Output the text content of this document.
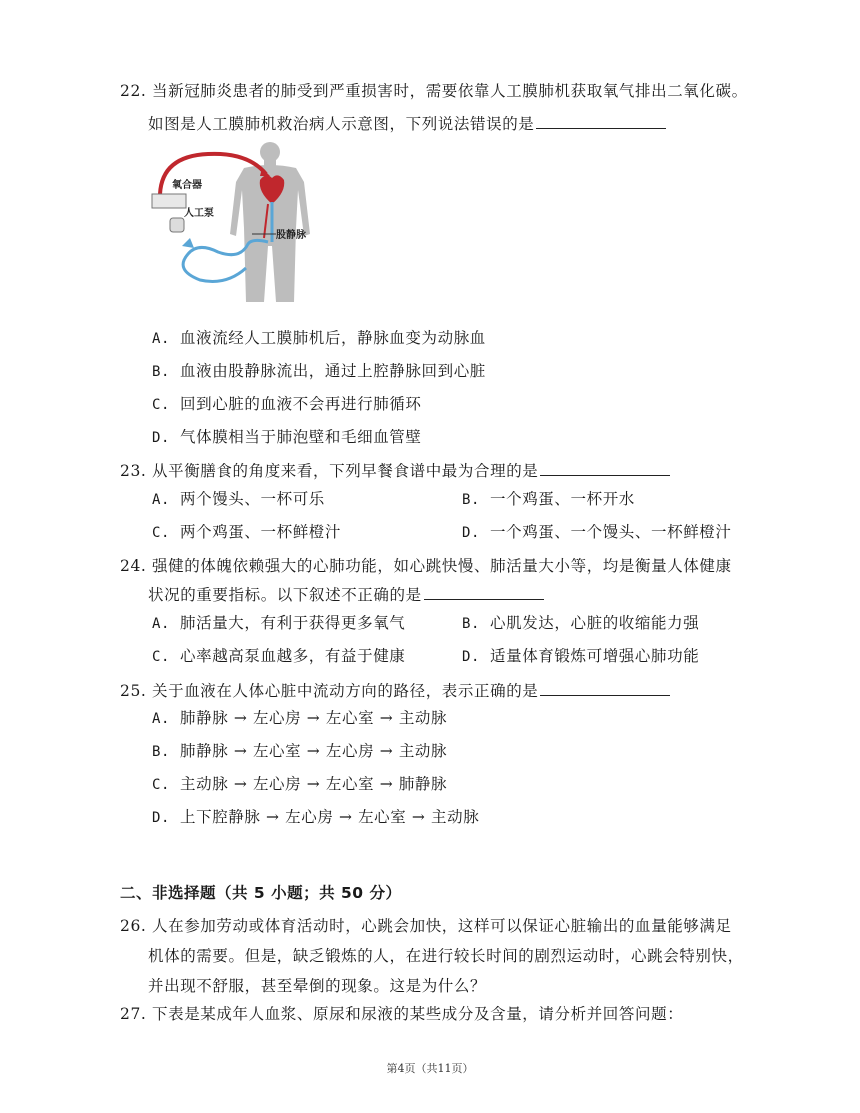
22. 当新冠肺炎患者的肺受到严重损害时，需要依靠人工膜肺机获取氧气排出二氧化碳。
如图是人工膜肺机救治病人示意图，下列说法错误的是
氧合器
人工泵
股静脉
A. 血液流经人工膜肺机后，静脉血变为动脉血
B. 血液由股静脉流出，通过上腔静脉回到心脏
C. 回到心脏的血液不会再进行肺循环
D. 气体膜相当于肺泡壁和毛细血管壁
23. 从平衡膳食的角度来看，下列早餐食谱中最为合理的是
A. 两个馒头、一杯可乐	B. 一个鸡蛋、一杯开水
C. 两个鸡蛋、一杯鲜橙汁	D. 一个鸡蛋、一个馒头、一杯鲜橙汁
24. 强健的体魄依赖强大的心肺功能，如心跳快慢、肺活量大小等，均是衡量人体健康
状况的重要指标。以下叙述不正确的是
A. 肺活量大，有利于获得更多氧气	B. 心肌发达，心脏的收缩能力强
C. 心率越高泵血越多，有益于健康	D. 适量体育锻炼可增强心肺功能
25. 关于血液在人体心脏中流动方向的路径，表示正确的是
A. 肺静脉 → 左心房 → 左心室 → 主动脉
B. 肺静脉 → 左心室 → 左心房 → 主动脉
C. 主动脉 → 左心房 → 左心室 → 肺静脉
D. 上下腔静脉 → 左心房 → 左心室 → 主动脉
二、非选择题（共 5 小题；共 50 分）
26. 人在参加劳动或体育活动时，心跳会加快，这样可以保证心脏输出的血量能够满足
机体的需要。但是，缺乏锻炼的人，在进行较长时间的剧烈运动时，心跳会特别快，
并出现不舒服，甚至晕倒的现象。这是为什么？
27. 下表是某成年人血浆、原尿和尿液的某些成分及含量，请分析并回答问题：
第4页（共11页）
